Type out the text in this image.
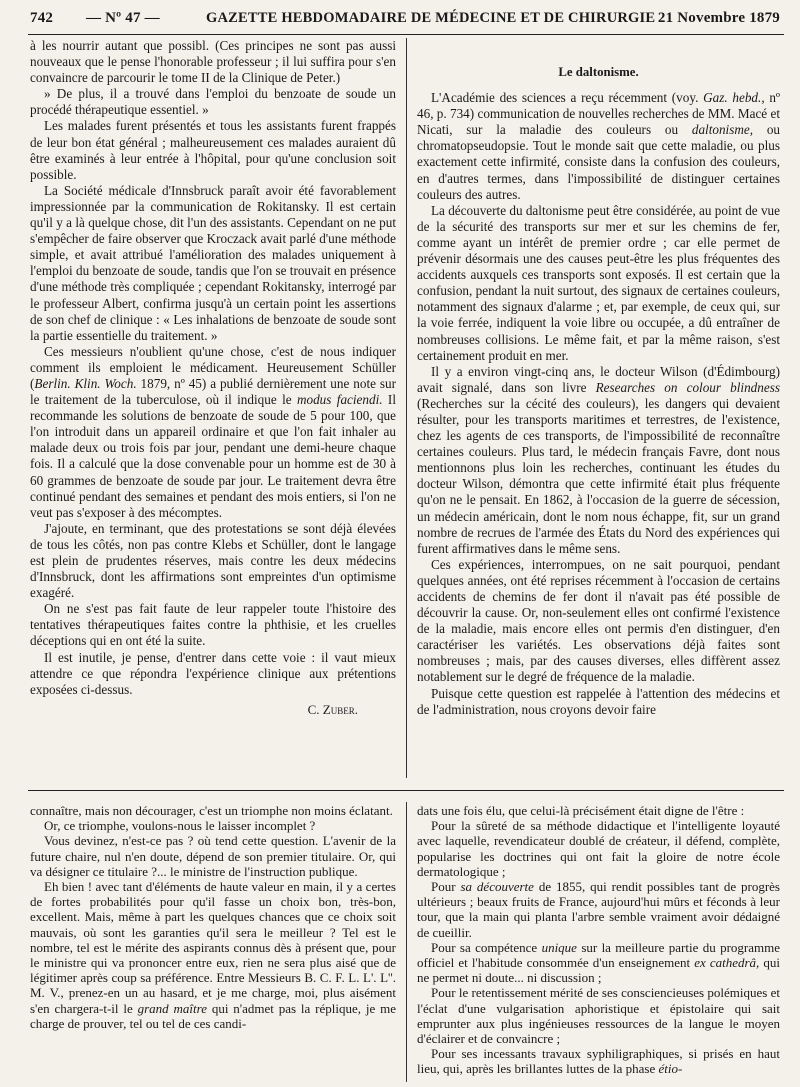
742 — Nº 47 —	GAZETTE HEBDOMADAIRE DE MÉDECINE ET DE CHIRURGIE 21 Novembre 1879

à les nourrir autant que possibl. (Ces principes ne sont pas aussi nouveaux que le pense l'honorable professeur ; il lui suffira pour s'en convaincre de parcourir le tome II de la Clinique de Peter.)

» De plus, il a trouvé dans l'emploi du benzoate de soude un procédé thérapeutique essentiel. »

Les malades furent présentés et tous les assistants furent frappés de leur bon état général ; malheureusement ces malades auraient dû être examinés à leur entrée à l'hôpital, pour qu'une conclusion soit possible.

La Société médicale d'Innsbruck paraît avoir été favorablement impressionnée par la communication de Rokitansky. Il est certain qu'il y a là quelque chose, dit l'un des assistants. Cependant on ne put s'empêcher de faire observer que Kroczack avait parlé d'une méthode simple, et avait attribué l'amélioration des malades uniquement à l'emploi du benzoate de soude, tandis que l'on se trouvait en présence d'une méthode très compliquée ; cependant Rokitansky, interrogé par le professeur Albert, confirma jusqu'à un certain point les assertions de son chef de clinique : « Les inhalations de benzoate de soude sont la partie essentielle du traitement. »

Ces messieurs n'oublient qu'une chose, c'est de nous indiquer comment ils emploient le médicament. Heureusement Schüller (Berlin. Klin. Woch. 1879, nº 45) a publié dernièrement une note sur le traitement de la tuberculose, où il indique le modus faciendi. Il recommande les solutions de benzoate de soude de 5 pour 100, que l'on introduit dans un appareil ordinaire et que l'on fait inhaler au malade deux ou trois fois par jour, pendant une demi-heure chaque fois. Il a calculé que la dose convenable pour un homme est de 30 à 60 grammes de benzoate de soude par jour. Le traitement devra être continué pendant des semaines et pendant des mois entiers, si l'on ne veut pas s'exposer à des mécomptes.

J'ajoute, en terminant, que des protestations se sont déjà élevées de tous les côtés, non pas contre Klebs et Schüller, dont le langage est plein de prudentes réserves, mais contre les deux médecins d'Innsbruck, dont les affirmations sont empreintes d'un optimisme exagéré.

On ne s'est pas fait faute de leur rappeler toute l'histoire des tentatives thérapeutiques faites contre la phthisie, et les cruelles déceptions qui en ont été la suite.

Il est inutile, je pense, d'entrer dans cette voie : il vaut mieux attendre ce que répondra l'expérience clinique aux prétentions exposées ci-dessus.

C. Zuber.
Le daltonisme.

L'Académie des sciences a reçu récemment (voy. Gaz. hebd., nº 46, p. 734) communication de nouvelles recherches de MM. Macé et Nicati, sur la maladie des couleurs ou daltonisme, ou chromatopseudopsie. Tout le monde sait que cette maladie, ou plus exactement cette infirmité, consiste dans la confusion des couleurs, en d'autres termes, dans l'impossibilité de distinguer certaines couleurs des autres.

La découverte du daltonisme peut être considérée, au point de vue de la sécurité des transports sur mer et sur les chemins de fer, comme ayant un intérêt de premier ordre ; car elle permet de prévenir désormais une des causes peut-être les plus fréquentes des accidents auxquels ces transports sont exposés. Il est certain que la confusion, pendant la nuit surtout, des signaux de certaines couleurs, notamment des signaux d'alarme ; et, par exemple, de ceux qui, sur la voie ferrée, indiquent la voie libre ou occupée, a dû entraîner de nombreuses collisions. Le même fait, et par la même raison, s'est certainement produit en mer.

Il y a environ vingt-cinq ans, le docteur Wilson (d'Édimbourg) avait signalé, dans son livre Researches on colour blindness (Recherches sur la cécité des couleurs), les dangers qui devaient résulter, pour les transports maritimes et terrestres, de l'existence, chez les agents de ces transports, de l'impossibilité de reconnaître certaines couleurs. Plus tard, le médecin français Favre, dont nous mentionnons plus loin les recherches, continuant les études du docteur Wilson, démontra que cette infirmité était plus fréquente qu'on ne le pensait. En 1862, à l'occasion de la guerre de sécession, un médecin américain, dont le nom nous échappe, fit, sur un grand nombre de recrues de l'armée des États du Nord des expériences qui furent affirmatives dans le même sens.

Ces expériences, interrompues, on ne sait pourquoi, pendant quelques années, ont été reprises récemment à l'occasion de certains accidents de chemins de fer dont il n'avait pas été possible de découvrir la cause. Or, non-seulement elles ont confirmé l'existence de la maladie, mais encore elles ont permis d'en distinguer, d'en caractériser les variétés. Les observations déjà faites sont nombreuses ; mais, par des causes diverses, elles diffèrent assez notablement sur le degré de fréquence de la maladie.

Puisque cette question est rappelée à l'attention des médecins et de l'administration, nous croyons devoir faire

connaître, mais non décourager, c'est un triomphe non moins éclatant.

Or, ce triomphe, voulons-nous le laisser incomplet ?

Vous devinez, n'est-ce pas ? où tend cette question. L'avenir de la future chaire, nul n'en doute, dépend de son premier titulaire. Or, qui va désigner ce titulaire ?... le ministre de l'instruction publique.

Eh bien ! avec tant d'éléments de haute valeur en main, il y a certes de fortes probabilités pour qu'il fasse un choix bon, très-bon, excellent. Mais, même à part les quelques chances que ce choix soit mauvais, où sont les garanties qu'il sera le meilleur ? Tel est le nombre, tel est le mérite des aspirants connus dès à présent que, pour le ministre qui va prononcer entre eux, rien ne sera plus aisé que de légitimer après coup sa préférence. Entre Messieurs B. C. F. L. L'. L''. M. V., prenez-en un au hasard, et je me charge, moi, plus aisément s'en chargera-t-il le grand maître qui n'admet pas la réplique, je me charge de prouver, tel ou tel de ces candi-

dats une fois élu, que celui-là précisément était digne de l'être :

Pour la sûreté de sa méthode didactique et l'intelligente loyauté avec laquelle, revendicateur doublé de créateur, il défend, complète, popularise les doctrines qui ont fait la gloire de notre école dermatologique ;

Pour sa découverte de 1855, qui rendit possibles tant de progrès ultérieurs ; beaux fruits de France, aujourd'hui mûrs et féconds à leur tour, que la main qui planta l'arbre semble vraiment avoir dédaigné de cueillir.

Pour sa compétence unique sur la meilleure partie du programme officiel et l'habitude consommée d'un enseignement ex cathedrâ, qui ne permet ni doute... ni discussion ;

Pour le retentissement mérité de ses consciencieuses polémiques et l'éclat d'une vulgarisation aphoristique et épistolaire qui sait emprunter aux plus ingénieuses ressources de la langue le moyen d'éclairer et de convaincre ;

Pour ses incessants travaux syphiligraphiques, si prisés en haut lieu, qui, après les brillantes luttes de la phase étio-
